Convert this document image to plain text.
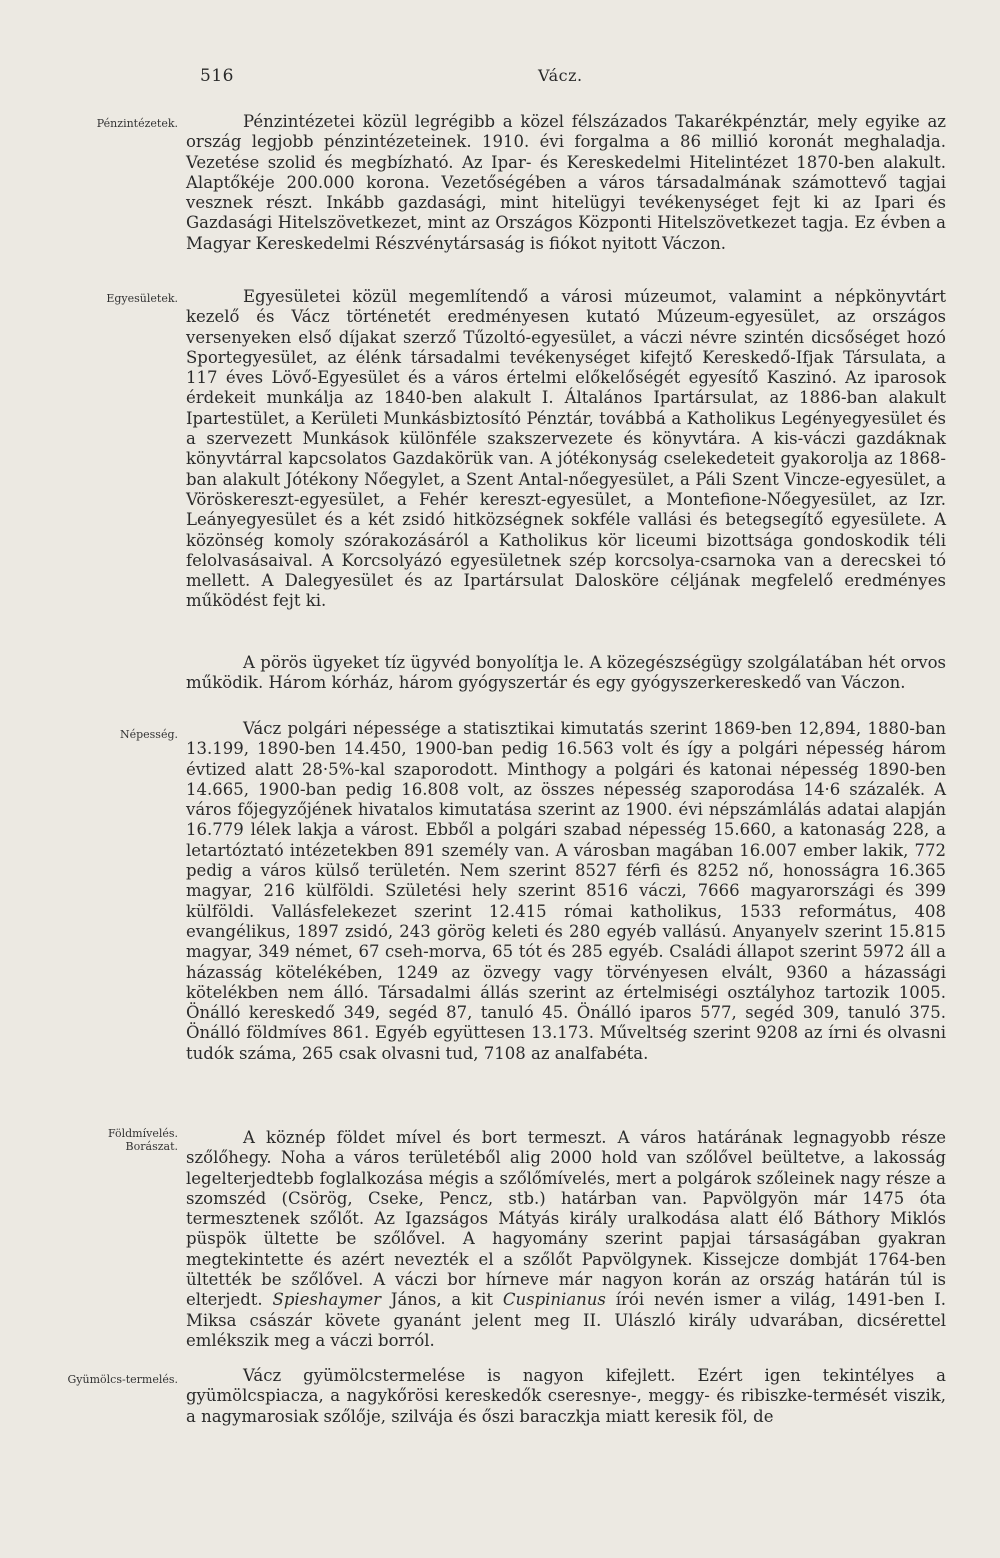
516	Vácz.
Pénzintézetek.
Egyesületek.
Népesség.
Földmívelés. Borászat.
Gyümölcs-termelés.

Pénzintézetei közül legrégibb a közel félszázados Takarékpénztár, mely egyike az ország legjobb pénzintézeteinek. 1910. évi forgalma a 86 millió koronát meghaladja. Vezetése szolid és megbízható. Az Ipar- és Kereskedelmi Hitelintézet 1870-ben alakult. Alaptőkéje 200.000 korona. Vezetőségében a város társadalmának számottevő tagjai vesznek részt. Inkább gazdasági, mint hitelügyi tevékenységet fejt ki az Ipari és Gazdasági Hitelszövetkezet, mint az Országos Központi Hitelszövetkezet tagja. Ez évben a Magyar Kereskedelmi Részvénytársaság is fiókot nyitott Váczon.

Egyesületei közül megemlítendő a városi múzeumot, valamint a népkönyvtárt kezelő és Vácz történetét eredményesen kutató Múzeum-egyesület, az országos versenyeken első díjakat szerző Tűzoltó-egyesület, a váczi névre szintén dicsőséget hozó Sportegyesület, az élénk társadalmi tevékenységet kifejtő Kereskedő-Ifjak Társulata, a 117 éves Lövő-Egyesület és a város értelmi előkelőségét egyesítő Kaszinó. Az iparosok érdekeit munkálja az 1840-ben alakult I. Általános Ipartársulat, az 1886-ban alakult Ipartestület, a Kerületi Munkásbiztosító Pénztár, továbbá a Katholikus Legényegyesület és a szervezett Munkások különféle szakszervezete és könyvtára. A kis-váczi gazdáknak könyvtárral kapcsolatos Gazdakörük van. A jótékonyság cselekedeteit gyakorolja az 1868-ban alakult Jótékony Nőegylet, a Szent Antal-nőegyesület, a Páli Szent Vincze-egyesület, a Vöröskereszt-egyesület, a Fehér kereszt-egyesület, a Montefione-Nőegyesület, az Izr. Leányegyesület és a két zsidó hitközségnek sokféle vallási és betegsegítő egyesülete. A közönség komoly szórakozásáról a Katholikus kör liceumi bizottsága gondoskodik téli felolvasásaival. A Korcsolyázó egyesületnek szép korcsolya-csarnoka van a derecskei tó mellett. A Dalegyesület és az Ipartársulat Dalosköre céljának megfelelő eredményes működést fejt ki.

A pörös ügyeket tíz ügyvéd bonyolítja le. A közegészségügy szolgálatában hét orvos működik. Három kórház, három gyógyszertár és egy gyógyszerkereskedő van Váczon.

Vácz polgári népessége a statisztikai kimutatás szerint 1869-ben 12,894, 1880-ban 13.199, 1890-ben 14.450, 1900-ban pedig 16.563 volt és így a polgári népesség három évtized alatt 28·5%-kal szaporodott. Minthogy a polgári és katonai népesség 1890-ben 14.665, 1900-ban pedig 16.808 volt, az összes népesség szaporodása 14·6 százalék. A város főjegyzőjének hivatalos kimutatása szerint az 1900. évi népszámlálás adatai alapján 16.779 lélek lakja a várost. Ebből a polgári szabad népesség 15.660, a katonaság 228, a letartóztató intézetekben 891 személy van. A városban magában 16.007 ember lakik, 772 pedig a város külső területén. Nem szerint 8527 férfi és 8252 nő, honosságra 16.365 magyar, 216 külföldi. Születési hely szerint 8516 váczi, 7666 magyarországi és 399 külföldi. Vallásfelekezet szerint 12.415 római katholikus, 1533 református, 408 evangélikus, 1897 zsidó, 243 görög keleti és 280 egyéb vallású. Anyanyelv szerint 15.815 magyar, 349 német, 67 cseh-morva, 65 tót és 285 egyéb. Családi állapot szerint 5972 áll a házasság kötelékében, 1249 az özvegy vagy törvényesen elvált, 9360 a házassági kötelékben nem álló. Társadalmi állás szerint az értelmiségi osztályhoz tartozik 1005. Önálló kereskedő 349, segéd 87, tanuló 45. Önálló iparos 577, segéd 309, tanuló 375. Önálló földmíves 861. Egyéb együttesen 13.173. Műveltség szerint 9208 az írni és olvasni tudók száma, 265 csak olvasni tud, 7108 az analfabéta.

A köznép földet mível és bort termeszt. A város határának legnagyobb része szőlőhegy. Noha a város területéből alig 2000 hold van szőlővel beültetve, a lakosság legelterjedtebb foglalkozása mégis a szőlőmívelés, mert a polgárok szőleinek nagy része a szomszéd (Csörög, Cseke, Pencz, stb.) határban van. Papvölgyön már 1475 óta termesztenek szőlőt. Az Igazságos Mátyás király uralkodása alatt élő Báthory Miklós püspök ültette be szőlővel. A hagyomány szerint papjai társaságában gyakran megtekintette és azért nevezték el a szőlőt Papvölgynek. Kissejcze dombját 1764-ben ültették be szőlővel. A váczi bor hírneve már nagyon korán az ország határán túl is elterjedt. Spieshaymer János, a kit Cuspinianus írói nevén ismer a világ, 1491-ben I. Miksa császár követe gyanánt jelent meg II. Ulászló király udvarában, dicsérettel emlékszik meg a váczi borról.

Vácz gyümölcstermelése is nagyon kifejlett. Ezért igen tekintélyes a gyümölcspiacza, a nagykőrösi kereskedők cseresnye-, meggy- és ribiszke-termését viszik, a nagymarosiak szőlője, szilvája és őszi baraczkja miatt keresik föl, de
